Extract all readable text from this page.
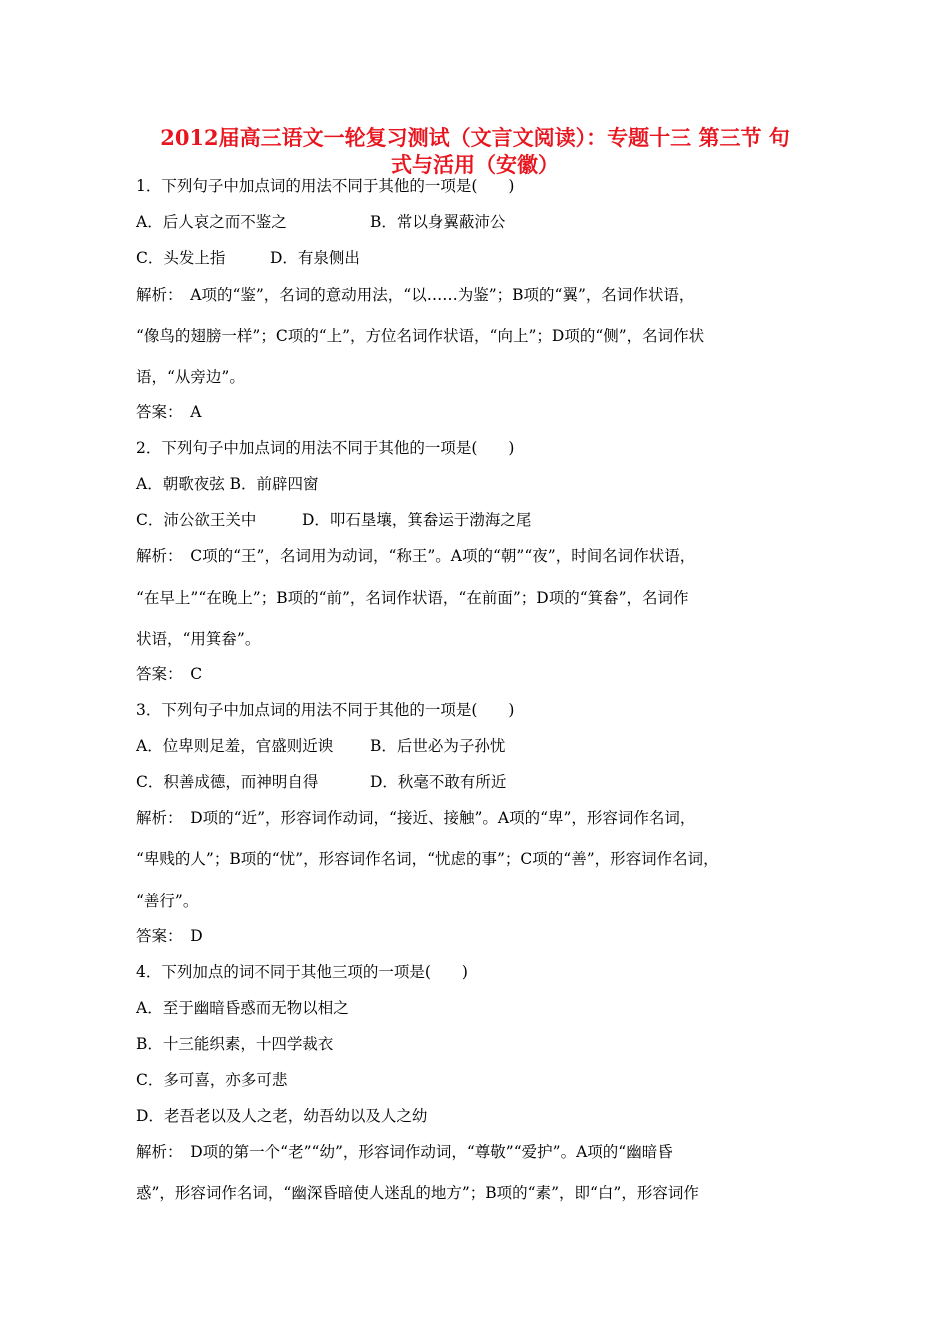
2012届高三语文一轮复习测试（文言文阅读）：专题十三 第三节 句
式与活用（安徽）
1．下列句子中加点词的用法不同于其他的一项是(　　)
A．后人哀之而不鉴之	B．常以身翼蔽沛公
C．头发上指	D．有泉侧出
解析：　A项的“鉴”，名词的意动用法，“以……为鉴”；B项的“翼”，名词作状语，
“像鸟的翅膀一样”；C项的“上”，方位名词作状语，“向上”；D项的“侧”，名词作状
语，“从旁边”。
答案：　A
2．下列句子中加点词的用法不同于其他的一项是(　　)
A．朝歌夜弦 B．前辟四窗
C．沛公欲王关中	D．叩石垦壤，箕畚运于渤海之尾
解析：　C项的“王”，名词用为动词，“称王”。A项的“朝”“夜”，时间名词作状语，
“在早上”“在晚上”；B项的“前”，名词作状语，“在前面”；D项的“箕畚”，名词作
状语，“用箕畚”。
答案：　C
3．下列句子中加点词的用法不同于其他的一项是(　　)
A．位卑则足羞，官盛则近谀 B．后世必为子孙忧
C．积善成德，而神明自得	D．秋毫不敢有所近
解析：　D项的“近”，形容词作动词，“接近、接触”。A项的“卑”，形容词作名词，
“卑贱的人”；B项的“忧”，形容词作名词，“忧虑的事”；C项的“善”，形容词作名词，
“善行”。
答案：　D
4．下列加点的词不同于其他三项的一项是(　　)
A．至于幽暗昏惑而无物以相之
B．十三能织素，十四学裁衣
C．多可喜，亦多可悲
D．老吾老以及人之老，幼吾幼以及人之幼
解析：　D项的第一个“老”“幼”，形容词作动词，“尊敬”“爱护”。A项的“幽暗昏
惑”，形容词作名词，“幽深昏暗使人迷乱的地方”；B项的“素”，即“白”，形容词作
